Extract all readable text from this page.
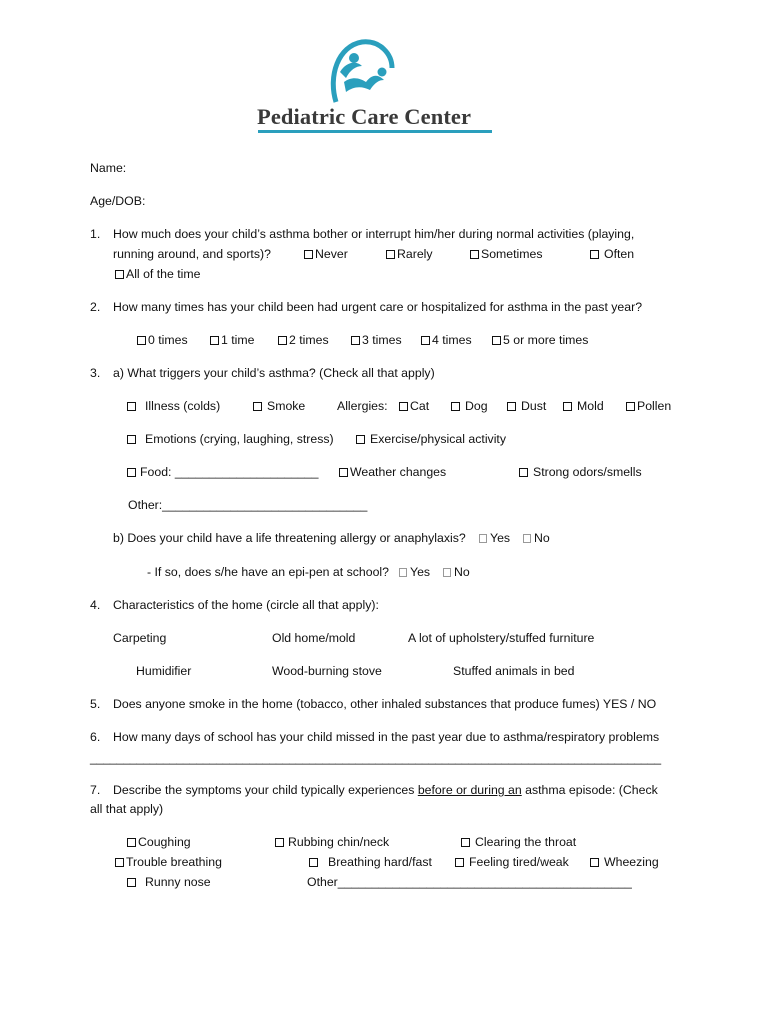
Pediatric Care Center
Name:
Age/DOB:
1. How much does your child’s asthma bother or interrupt him/her during normal activities (playing,
running around, and sports)?	Never	Rarely	Sometimes	Often
All of the time
2. How many times has your child been had urgent care or hospitalized for asthma in the past year?
0 times	1 time	2 times	3 times	4 times	5 or more times
3. a) What triggers your child’s asthma? (Check all that apply)
Illness (colds)	Smoke	Allergies:	Cat	Dog	Dust	Mold	Pollen
Emotions (crying, laughing, stress)	Exercise/physical activity
Food: _____________________	Weather changes	Strong odors/smells
Other:______________________________
b) Does your child have a life threatening allergy or anaphylaxis?	Yes	No
- If so, does s/he have an epi-pen at school?	Yes	No
4. Characteristics of the home (circle all that apply):
Carpeting	Old home/mold	A lot of upholstery/stuffed furniture
Humidifier	Wood-burning stove	Stuffed animals in bed
5. Does anyone smoke in the home (tobacco, other inhaled substances that produce fumes) YES / NO
6. How many days of school has your child missed in the past year due to asthma/respiratory problems
______________________________________________________________________________________
7. Describe the symptoms your child typically experiences before or during an asthma episode: (Check
all that apply)
Coughing	Rubbing chin/neck	Clearing the throat
Trouble breathing	Breathing hard/fast	Feeling tired/weak	Wheezing
Runny nose	Other___________________________________________
